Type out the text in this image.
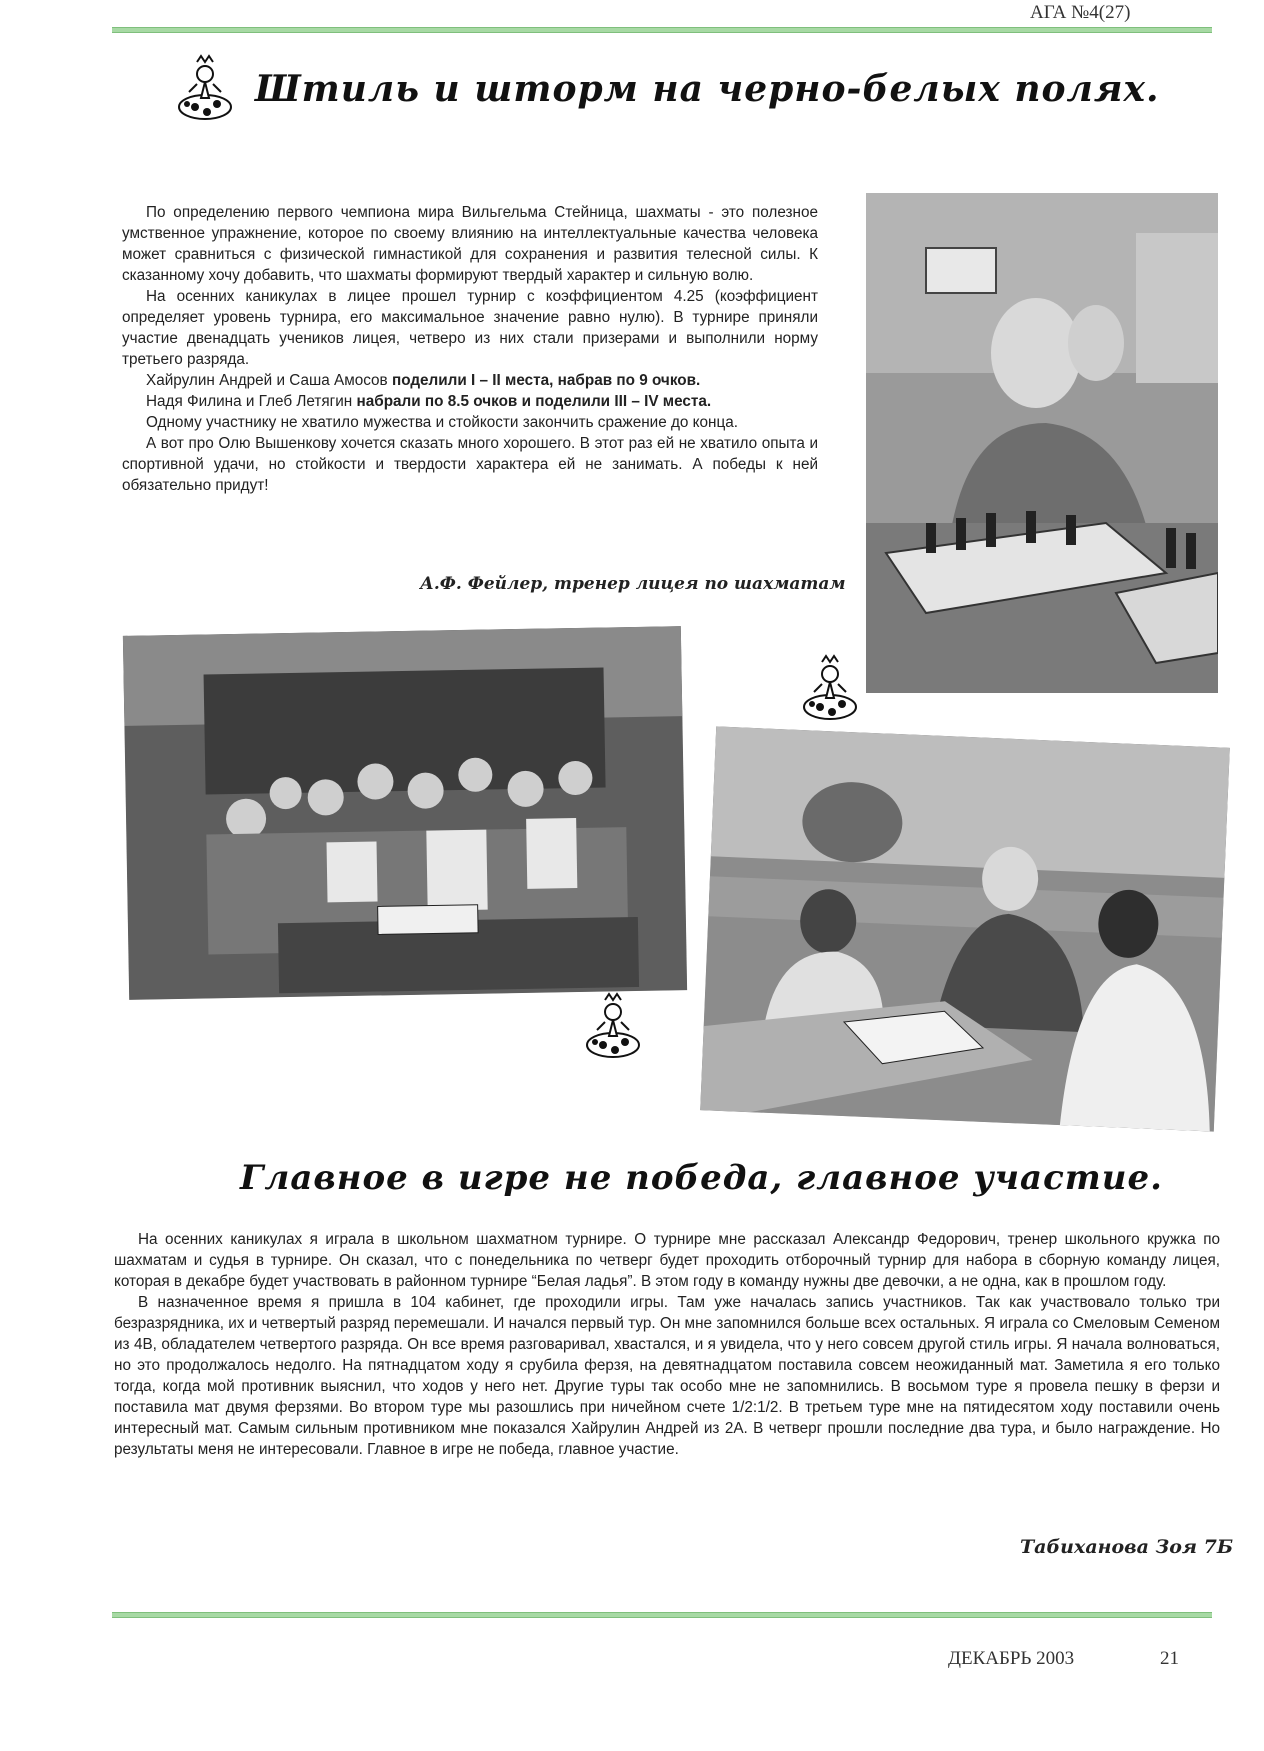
АГА №4(27)
Штиль и шторм на черно-белых полях.

По определению первого чемпиона мира Вильгельма Стейница, шахматы - это полезное умственное упражнение, которое по своему влиянию на интеллектуальные качества человека может сравниться с физической гимнастикой для сохранения и развития телесной силы. К сказанному хочу добавить, что шахматы формируют твердый характер и сильную волю.

На осенних каникулах в лицее прошел турнир с коэффициентом 4.25 (коэффициент определяет уровень турнира, его максимальное значение равно нулю). В турнире приняли участие двенадцать учеников лицея, четверо из них стали призерами и выполнили норму третьего разряда.

Хайрулин Андрей и Саша Амосов поделили I – II места, набрав по 9 очков.

Надя Филина и Глеб Летягин набрали по 8.5 очков и поделили III – IV места.

Одному участнику не хватило мужества и стойкости закончить сражение до конца.

А вот про Олю Вышенкову хочется сказать много хорошего. В этот раз ей не хватило опыта и спортивной удачи, но стойкости и твердости характера ей не занимать. А победы к ней обязательно придут!

А.Ф. Фейлер, тренер лицея по шахматам
Главное в игре не победа, главное участие.

На осенних каникулах я играла в школьном шахматном турнире. О турнире мне рассказал Александр Федорович, тренер школьного кружка по шахматам и судья в турнире. Он сказал, что с понедельника по четверг будет проходить отборочный турнир для набора в сборную команду лицея, которая в декабре будет участвовать в районном турнире “Белая ладья”. В этом году в команду нужны две девочки, а не одна, как в прошлом году.

В назначенное время я пришла в 104 кабинет, где проходили игры. Там уже началась запись участников. Так как участвовало только три безразрядника, их и четвертый разряд перемешали. И начался первый тур. Он мне запомнился больше всех остальных. Я играла со Смеловым Семеном из 4В, обладателем четвертого разряда. Он все время разговаривал, хвастался, и я увидела, что у него совсем другой стиль игры. Я начала волноваться, но это продолжалось недолго. На пятнадцатом ходу я срубила ферзя, на девятнадцатом поставила совсем неожиданный мат. Заметила я его только тогда, когда мой противник выяснил, что ходов у него нет. Другие туры так особо мне не запомнились. В восьмом туре я провела пешку в ферзи и поставила мат двумя ферзями. Во втором туре мы разошлись при ничейном счете 1/2:1/2. В третьем туре мне на пятидесятом ходу поставили очень интересный мат. Самым сильным противником мне показался Хайрулин Андрей из 2А. В четверг прошли последние два тура, и было награждение. Но результаты меня не интересовали. Главное в игре не победа, главное участие.

Табиханова Зоя 7Б
ДЕКАБРЬ 2003	21
